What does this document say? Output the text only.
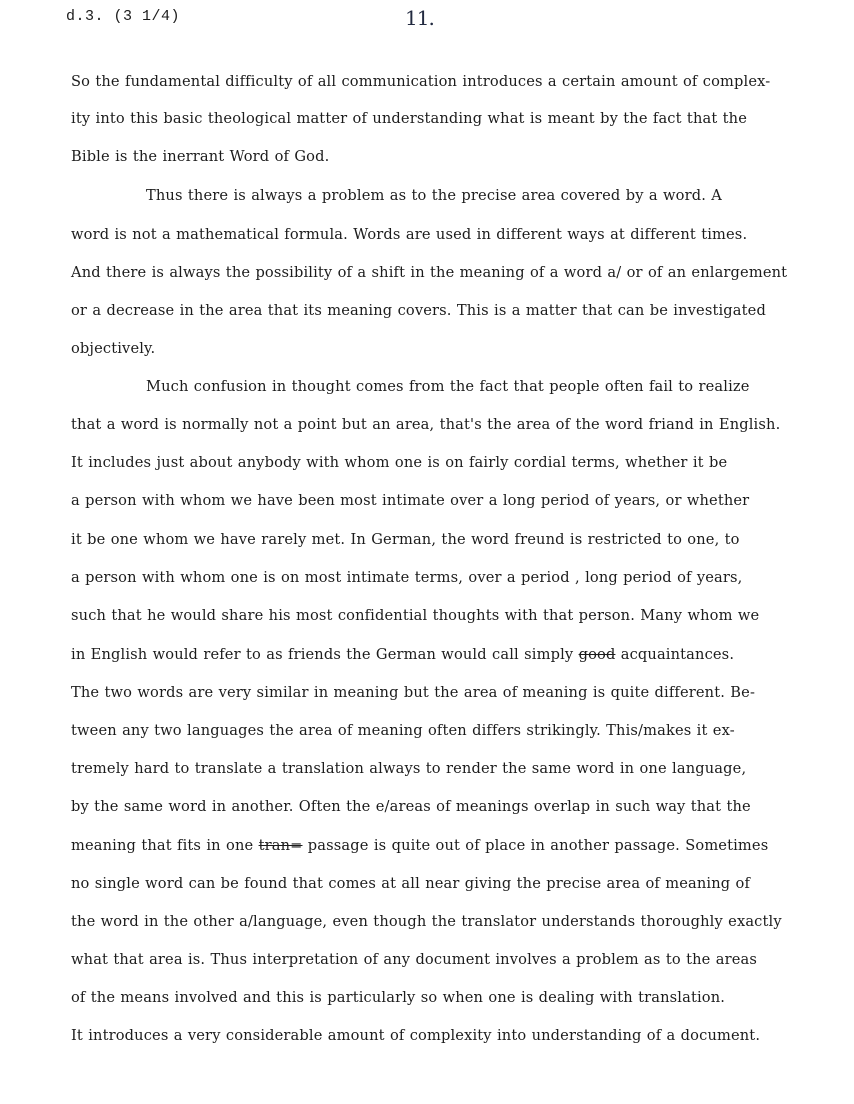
d.3. (3 1/4)	11.
So the fundamental difficulty of all communication introduces a certain amount of complex-
ity into this basic theological matter of understanding what is meant by the fact that the
Bible is the inerrant Word of God.
Thus there is always a problem as to the precise area covered by a word. A
word is not a mathematical formula. Words are used in different ways at different times.
And there is always the possibility of a shift in the meaning of a word a/ or of an enlargement
or a decrease in the area that its meaning covers. This is a matter that can be investigated
objectively.
Much confusion in thought comes from the fact that people often fail to realize
that a word is normally not a point but an area, that's the area of the word friand in English.
It includes just about anybody with whom one is on fairly cordial terms, whether it be
a person with whom we have been most intimate over a long period of years, or whether
it be one whom we have rarely met. In German, the word freund is restricted to one, to
a person with whom one is on most intimate terms, over a period , long period of years,
such that he would share his most confidential thoughts with that person. Many whom we
in English would refer to as friends the German would call simply good acquaintances.
The two words are very similar in meaning but the area of meaning is quite different. Be-
tween any two languages the area of meaning often differs strikingly. This/makes it ex-
tremely hard to translate a translation always to render the same word in one language,
by the same word in another. Often the e/areas of meanings overlap in such way that the
meaning that fits in one tran= passage is quite out of place in another passage. Sometimes
no single word can be found that comes at all near giving the precise area of meaning of
the word in the other a/language, even though the translator understands thoroughly exactly
what that area is. Thus interpretation of any document involves a problem as to the areas
of the means involved and this is particularly so when one is dealing with translation.
It introduces a very considerable amount of complexity into understanding of a document.
